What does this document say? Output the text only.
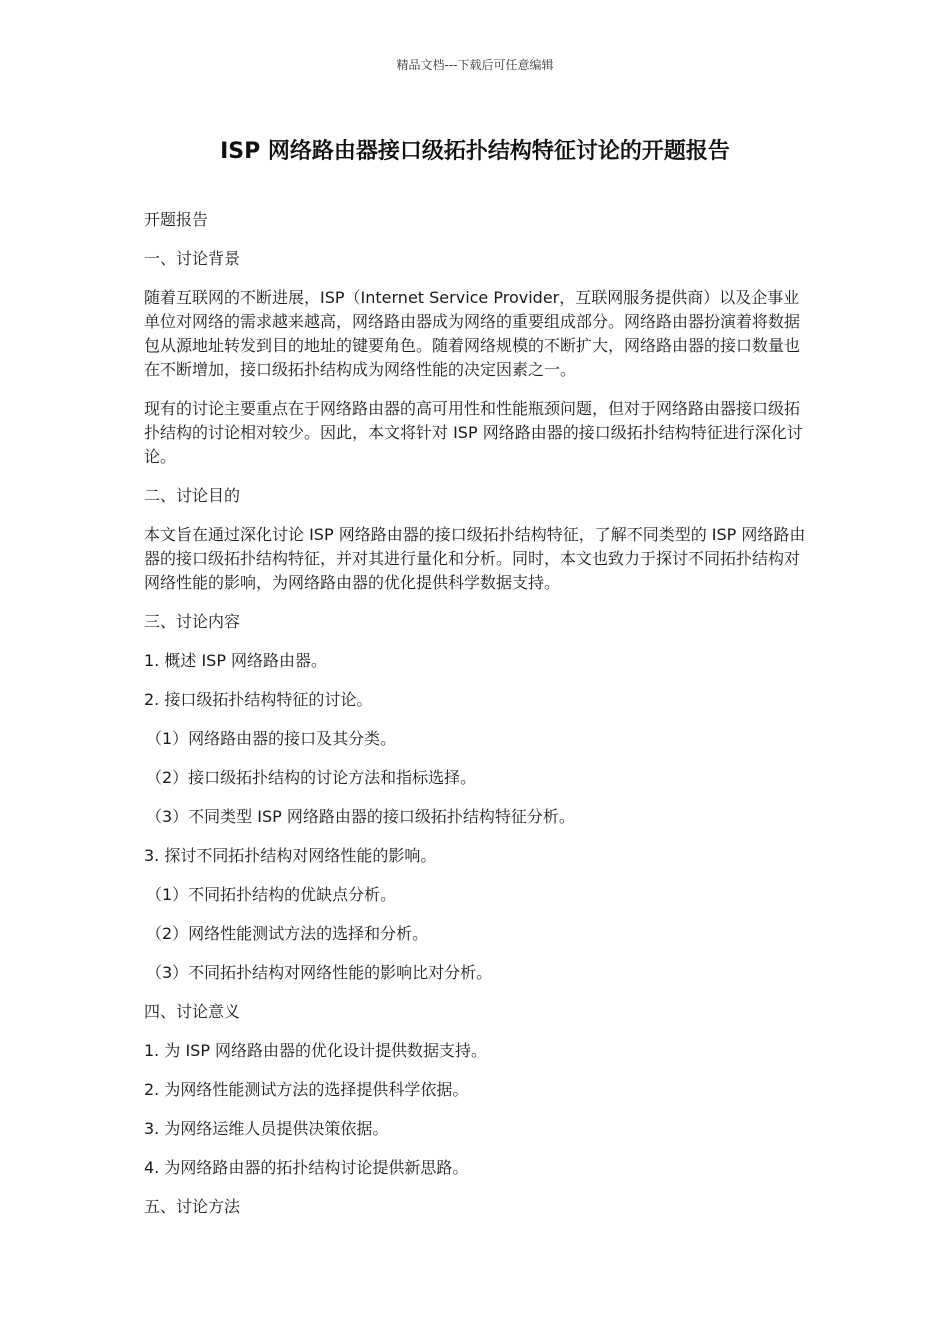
精品文档---下载后可任意编辑
ISP 网络路由器接口级拓扑结构特征讨论的开题报告
开题报告
一、讨论背景
随着互联网的不断进展，ISP（Internet Service Provider，互联网服务提供商）以及企事业单位对网络的需求越来越高，网络路由器成为网络的重要组成部分。网络路由器扮演着将数据包从源地址转发到目的地址的键要角色。随着网络规模的不断扩大，网络路由器的接口数量也在不断增加，接口级拓扑结构成为网络性能的决定因素之一。
现有的讨论主要重点在于网络路由器的高可用性和性能瓶颈问题，但对于网络路由器接口级拓扑结构的讨论相对较少。因此，本文将针对 ISP 网络路由器的接口级拓扑结构特征进行深化讨论。
二、讨论目的
本文旨在通过深化讨论 ISP 网络路由器的接口级拓扑结构特征，了解不同类型的 ISP 网络路由器的接口级拓扑结构特征，并对其进行量化和分析。同时，本文也致力于探讨不同拓扑结构对网络性能的影响，为网络路由器的优化提供科学数据支持。
三、讨论内容
1. 概述 ISP 网络路由器。
2. 接口级拓扑结构特征的讨论。
（1）网络路由器的接口及其分类。
（2）接口级拓扑结构的讨论方法和指标选择。
（3）不同类型 ISP 网络路由器的接口级拓扑结构特征分析。
3. 探讨不同拓扑结构对网络性能的影响。
（1）不同拓扑结构的优缺点分析。
（2）网络性能测试方法的选择和分析。
（3）不同拓扑结构对网络性能的影响比对分析。
四、讨论意义
1. 为 ISP 网络路由器的优化设计提供数据支持。
2. 为网络性能测试方法的选择提供科学依据。
3. 为网络运维人员提供决策依据。
4. 为网络路由器的拓扑结构讨论提供新思路。
五、讨论方法
